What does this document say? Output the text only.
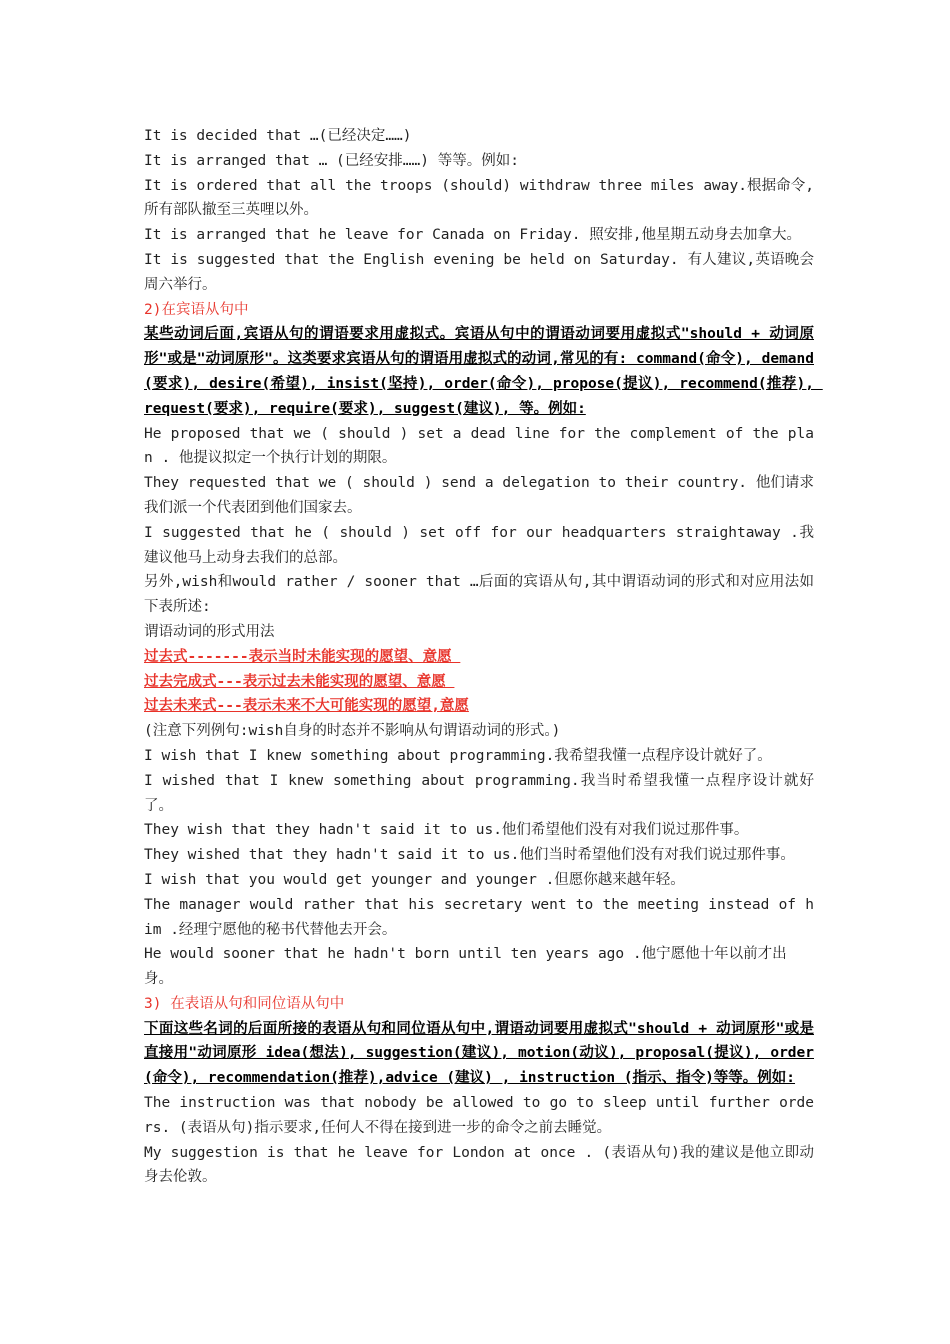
It is decided that …(已经决定……)

It is arranged that … (已经安排……) 等等。例如:

It is ordered that all the troops (should) withdraw three miles away.根据命令,所有部队撤至三英哩以外。

It is arranged that he leave for Canada on Friday. 照安排,他星期五动身去加拿大。

It is suggested that the English evening be held on Saturday. 有人建议,英语晚会周六举行。

2)在宾语从句中

某些动词后面,宾语从句的谓语要求用虚拟式。宾语从句中的谓语动词要用虚拟式"should + 动词原形"或是"动词原形"。这类要求宾语从句的谓语用虚拟式的动词,常见的有: command(命令), demand(要求), desire(希望), insist(坚持), order(命令), propose(提议), recommend(推荐), request(要求), require(要求), suggest(建议), 等。例如:

He proposed that we ( should ) set a dead line for the complement of the plan . 他提议拟定一个执行计划的期限。

They requested that we ( should ) send a delegation to their country. 他们请求我们派一个代表团到他们国家去。

I suggested that he ( should ) set off for our headquarters straightaway .我建议他马上动身去我们的总部。

另外,wish和would rather / sooner that …后面的宾语从句,其中谓语动词的形式和对应用法如下表所述:

谓语动词的形式用法

过去式-------表示当时未能实现的愿望、意愿

过去完成式---表示过去未能实现的愿望、意愿

过去未来式---表示未来不大可能实现的愿望,意愿

(注意下列例句:wish自身的时态并不影响从句谓语动词的形式。)

I wish that I knew something about programming.我希望我懂一点程序设计就好了。

I wished that I knew something about programming.我当时希望我懂一点程序设计就好了。

They wish that they hadn't said it to us.他们希望他们没有对我们说过那件事。

They wished that they hadn't said it to us.他们当时希望他们没有对我们说过那件事。

I wish that you would get younger and younger .但愿你越来越年轻。

The manager would rather that his secretary went to the meeting instead of him .经理宁愿他的秘书代替他去开会。

He would sooner that he hadn't born until ten years ago .他宁愿他十年以前才出身。

3) 在表语从句和同位语从句中

下面这些名词的后面所接的表语从句和同位语从句中,谓语动词要用虚拟式"should + 动词原形"或是直接用"动词原形 idea(想法), suggestion(建议), motion(动议), proposal(提议), order(命令), recommendation(推荐),advice (建议) , instruction (指示、指令)等等。例如:

The instruction was that nobody be allowed to go to sleep until further orders. (表语从句)指示要求,任何人不得在接到进一步的命令之前去睡觉。

My suggestion is that he leave for London at once . (表语从句)我的建议是他立即动身去伦敦。
